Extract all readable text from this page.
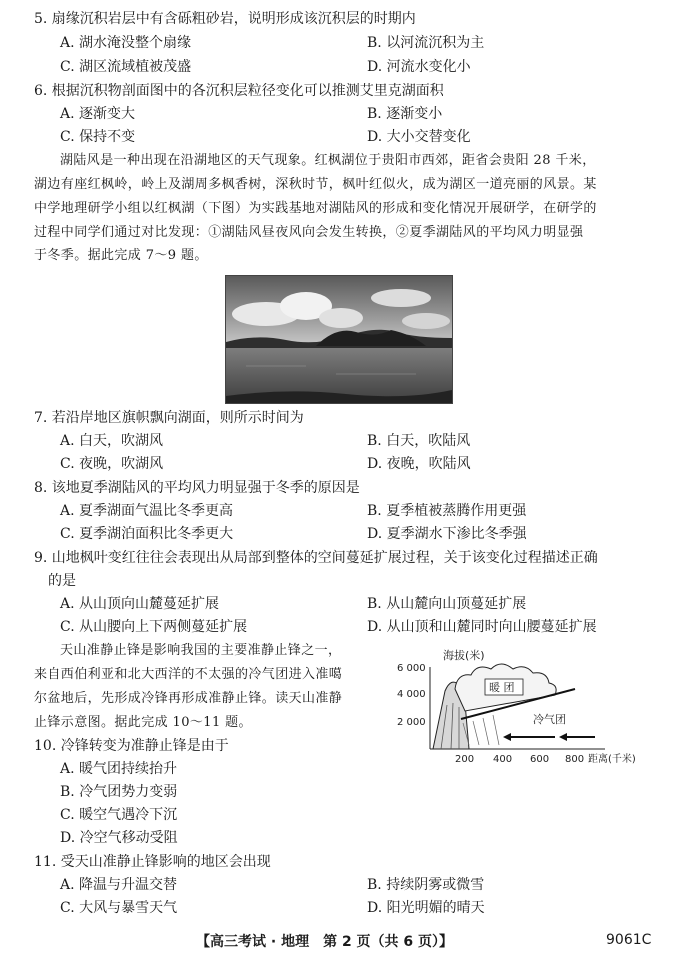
5. 扇缘沉积岩层中有含砾粗砂岩，说明形成该沉积层的时期内
A. 湖水淹没整个扇缘	B. 以河流沉积为主
C. 湖区流域植被茂盛	D. 河流水变化小
6. 根据沉积物剖面图中的各沉积层粒径变化可以推测艾里克湖面积
A. 逐渐变大	B. 逐渐变小
C. 保持不变	D. 大小交替变化
湖陆风是一种出现在沿湖地区的天气现象。红枫湖位于贵阳市西郊，距省会贵阳 28 千米，
湖边有座红枫岭，岭上及湖周多枫香树，深秋时节，枫叶红似火，成为湖区一道亮丽的风景。某
中学地理研学小组以红枫湖（下图）为实践基地对湖陆风的形成和变化情况开展研学，在研学的
过程中同学们通过对比发现：①湖陆风昼夜风向会发生转换，②夏季湖陆风的平均风力明显强
于冬季。据此完成 7～9 题。
7. 若沿岸地区旗帜飘向湖面，则所示时间为
A. 白天，吹湖风	B. 白天，吹陆风
C. 夜晚，吹湖风	D. 夜晚，吹陆风
8. 该地夏季湖陆风的平均风力明显强于冬季的原因是
A. 夏季湖面气温比冬季更高	B. 夏季植被蒸腾作用更强
C. 夏季湖泊面积比冬季更大	D. 夏季湖水下渗比冬季强
9. 山地枫叶变红往往会表现出从局部到整体的空间蔓延扩展过程，关于该变化过程描述正确
的是
A. 从山顶向山麓蔓延扩展	B. 从山麓向山顶蔓延扩展
C. 从山腰向上下两侧蔓延扩展	D. 从山顶和山麓同时向山腰蔓延扩展
天山准静止锋是影响我国的主要准静止锋之一，
来自西伯利亚和北大西洋的不太强的冷气团进入准噶
尔盆地后，先形成冷锋再形成准静止锋。读天山准静
止锋示意图。据此完成 10～11 题。
海拔(米)
6 000
4 000
2 000
200 400 600 800 距离(千米)
暖 团
冷气团
10. 冷锋转变为准静止锋是由于
A. 暖气团持续抬升
B. 冷气团势力变弱
C. 暖空气遇冷下沉
D. 冷空气移动受阻
11. 受天山准静止锋影响的地区会出现
A. 降温与升温交替	B. 持续阴雾或微雪
C. 大风与暴雪天气	D. 阳光明媚的晴天
【高三考试 · 地理　第 2 页（共 6 页）】	9061C
